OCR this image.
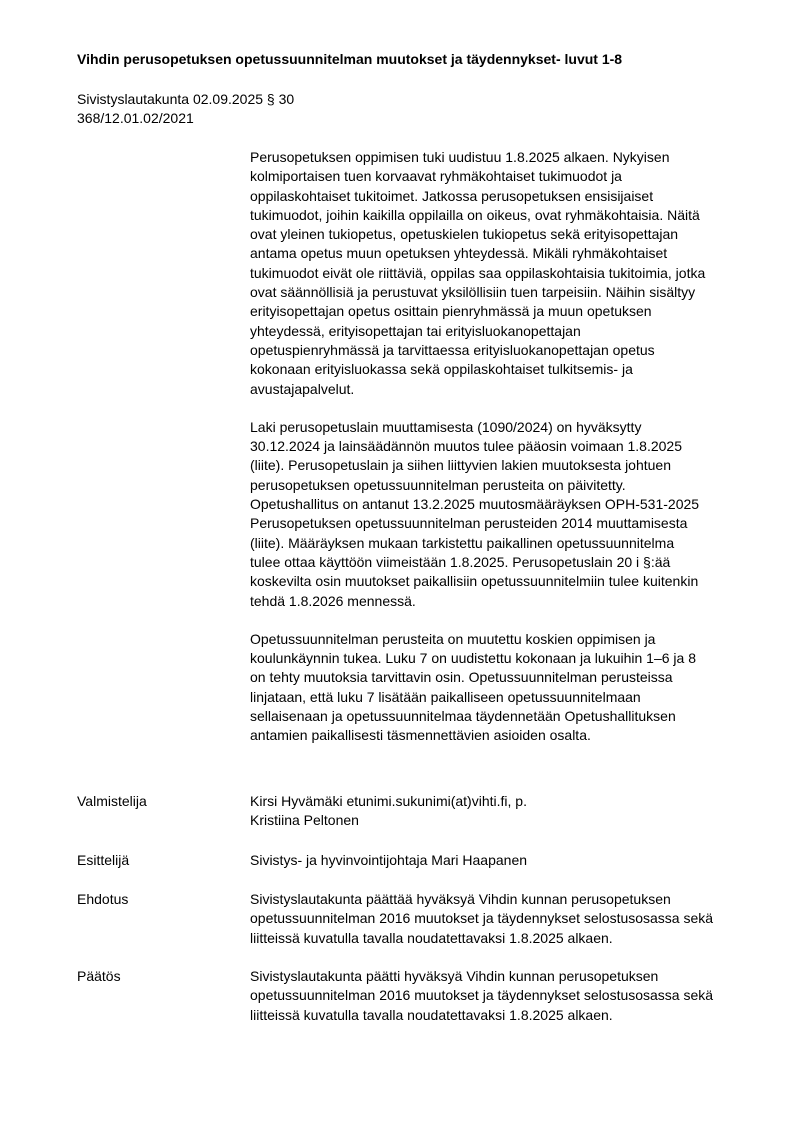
Vihdin perusopetuksen opetussuunnitelman muutokset ja täydennykset- luvut 1-8
Sivistyslautakunta 02.09.2025 § 30
368/12.01.02/2021

Perusopetuksen oppimisen tuki uudistuu 1.8.2025 alkaen. Nykyisen
kolmiportaisen tuen korvaavat ryhmäkohtaiset tukimuodot ja
oppilaskohtaiset tukitoimet. Jatkossa perusopetuksen ensisijaiset
tukimuodot, joihin kaikilla oppilailla on oikeus, ovat ryhmäkohtaisia. Näitä
ovat yleinen tukiopetus, opetuskielen tukiopetus sekä erityisopettajan
antama opetus muun opetuksen yhteydessä. Mikäli ryhmäkohtaiset
tukimuodot eivät ole riittäviä, oppilas saa oppilaskohtaisia tukitoimia, jotka
ovat säännöllisiä ja perustuvat yksilöllisiin tuen tarpeisiin. Näihin sisältyy
erityisopettajan opetus osittain pienryhmässä ja muun opetuksen
yhteydessä, erityisopettajan tai erityisluokanopettajan
opetuspienryhmässä ja tarvittaessa erityisluokanopettajan opetus
kokonaan erityisluokassa sekä oppilaskohtaiset tulkitsemis- ja
avustajapalvelut.

Laki perusopetuslain muuttamisesta (1090/2024) on hyväksytty
30.12.2024 ja lainsäädännön muutos tulee pääosin voimaan 1.8.2025
(liite). Perusopetuslain ja siihen liittyvien lakien muutoksesta johtuen
perusopetuksen opetussuunnitelman perusteita on päivitetty.
Opetushallitus on antanut 13.2.2025 muutosmääräyksen OPH-531-2025
Perusopetuksen opetussuunnitelman perusteiden 2014 muuttamisesta
(liite). Määräyksen mukaan tarkistettu paikallinen opetussuunnitelma
tulee ottaa käyttöön viimeistään 1.8.2025. Perusopetuslain 20 i §:ää
koskevilta osin muutokset paikallisiin opetussuunnitelmiin tulee kuitenkin
tehdä 1.8.2026 mennessä.

Opetussuunnitelman perusteita on muutettu koskien oppimisen ja
koulunkäynnin tukea. Luku 7 on uudistettu kokonaan ja lukuihin 1–6 ja 8
on tehty muutoksia tarvittavin osin. Opetussuunnitelman perusteissa
linjataan, että luku 7 lisätään paikalliseen opetussuunnitelmaan
sellaisenaan ja opetussuunnitelmaa täydennetään Opetushallituksen
antamien paikallisesti täsmennettävien asioiden osalta.

Valmistelija	Kirsi Hyvämäki etunimi.sukunimi(at)vihti.fi, p.
Kristiina Peltonen
Esittelijä	Sivistys- ja hyvinvointijohtaja Mari Haapanen
Ehdotus	Sivistyslautakunta päättää hyväksyä Vihdin kunnan perusopetuksen
opetussuunnitelman 2016 muutokset ja täydennykset selostusosassa sekä
liitteissä kuvatulla tavalla noudatettavaksi 1.8.2025 alkaen.
Päätös	Sivistyslautakunta päätti hyväksyä Vihdin kunnan perusopetuksen
opetussuunnitelman 2016 muutokset ja täydennykset selostusosassa sekä
liitteissä kuvatulla tavalla noudatettavaksi 1.8.2025 alkaen.
